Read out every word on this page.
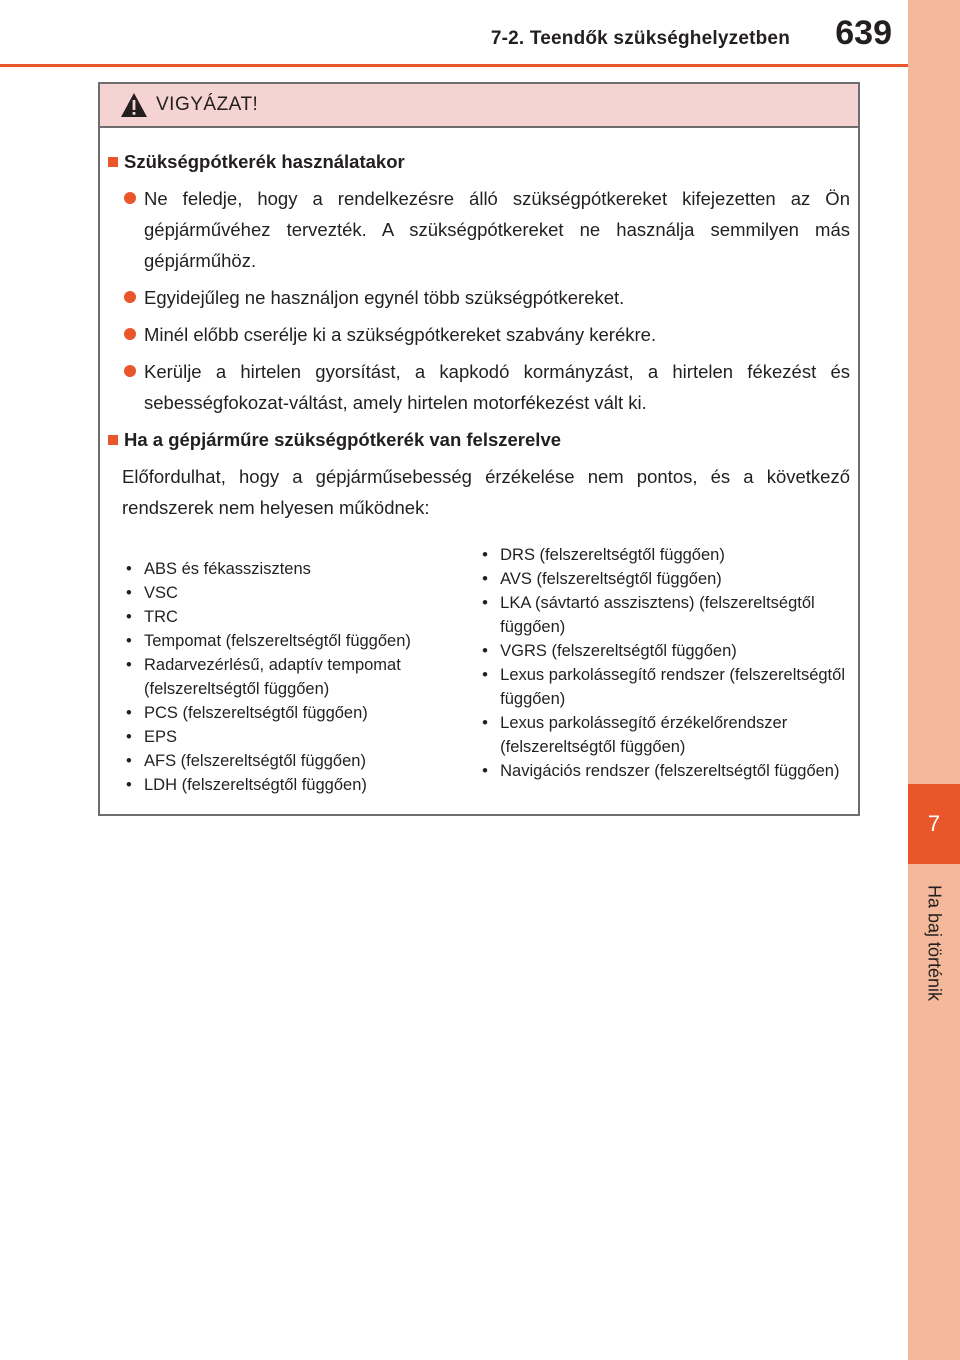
7-2. Teendők szükséghelyzetben	639
7
Ha baj történik
VIGYÁZAT!
Szükségpótkerék használatakor
Ne feledje, hogy a rendelkezésre álló szükségpótkereket kifejezetten az Ön gépjárművéhez tervezték. A szükségpótkereket ne használja semmilyen más gépjárműhöz.
Egyidejűleg ne használjon egynél több szükségpótkereket.
Minél előbb cserélje ki a szükségpótkereket szabvány kerékre.
Kerülje a hirtelen gyorsítást, a kapkodó kormányzást, a hirtelen fékezést és sebességfokozat-váltást, amely hirtelen motorfékezést vált ki.
Ha a gépjárműre szükségpótkerék van felszerelve
Előfordulhat, hogy a gépjárműsebesség érzékelése nem pontos, és a következő rendszerek nem helyesen működnek:
• ABS és fékasszisztens
• VSC
• TRC
• Tempomat (felszereltségtől függően)
• Radarvezérlésű, adaptív tempomat (felszereltségtől függően)
• PCS (felszereltségtől függően)
• EPS
• AFS (felszereltségtől függően)
• LDH (felszereltségtől függően)
• DRS (felszereltségtől függően)
• AVS (felszereltségtől függően)
• LKA (sávtartó asszisztens) (felszereltségtől függően)
• VGRS (felszereltségtől függően)
• Lexus parkolássegítő rendszer (felszereltségtől függően)
• Lexus parkolássegítő érzékelőrendszer (felszereltségtől függően)
• Navigációs rendszer (felszereltségtől függően)
